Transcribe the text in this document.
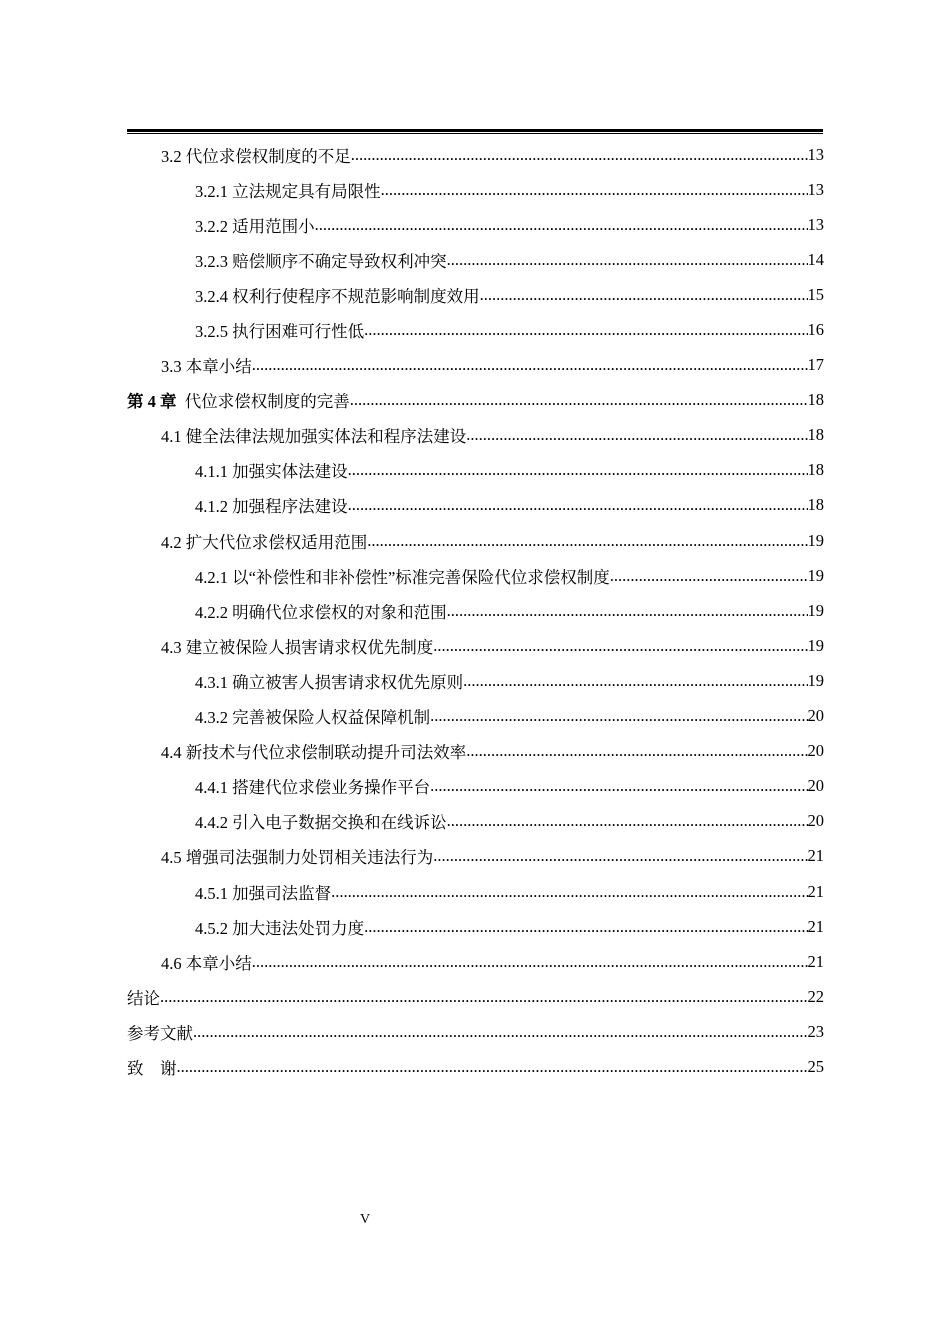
3.2 代位求偿权制度的不足 .....	13
3.2.1 立法规定具有局限性 .....	13
3.2.2 适用范围小 .....	13
3.2.3 赔偿顺序不确定导致权利冲突 .....	14
3.2.4 权利行使程序不规范影响制度效用 .....	15
3.2.5 执行困难可行性低 .....	16
3.3 本章小结 .....	17
第 4 章 代位求偿权制度的完善 .....	18
4.1 健全法律法规加强实体法和程序法建设 .....	18
4.1.1 加强实体法建设 .....	18
4.1.2 加强程序法建设 .....	18
4.2 扩大代位求偿权适用范围 .....	19
4.2.1 以“补偿性和非补偿性”标准完善保险代位求偿权制度 .....	19
4.2.2 明确代位求偿权的对象和范围 .....	19
4.3 建立被保险人损害请求权优先制度 .....	19
4.3.1 确立被害人损害请求权优先原则 .....	19
4.3.2 完善被保险人权益保障机制 .....	20
4.4 新技术与代位求偿制联动提升司法效率 .....	20
4.4.1 搭建代位求偿业务操作平台 .....	20
4.4.2 引入电子数据交换和在线诉讼 .....	20
4.5 增强司法强制力处罚相关违法行为 .....	21
4.5.1 加强司法监督 .....	21
4.5.2 加大违法处罚力度 .....	21
4.6 本章小结 .....	21
结论 .....	22
参考文献 .....	23
致    谢 .....	25
V
